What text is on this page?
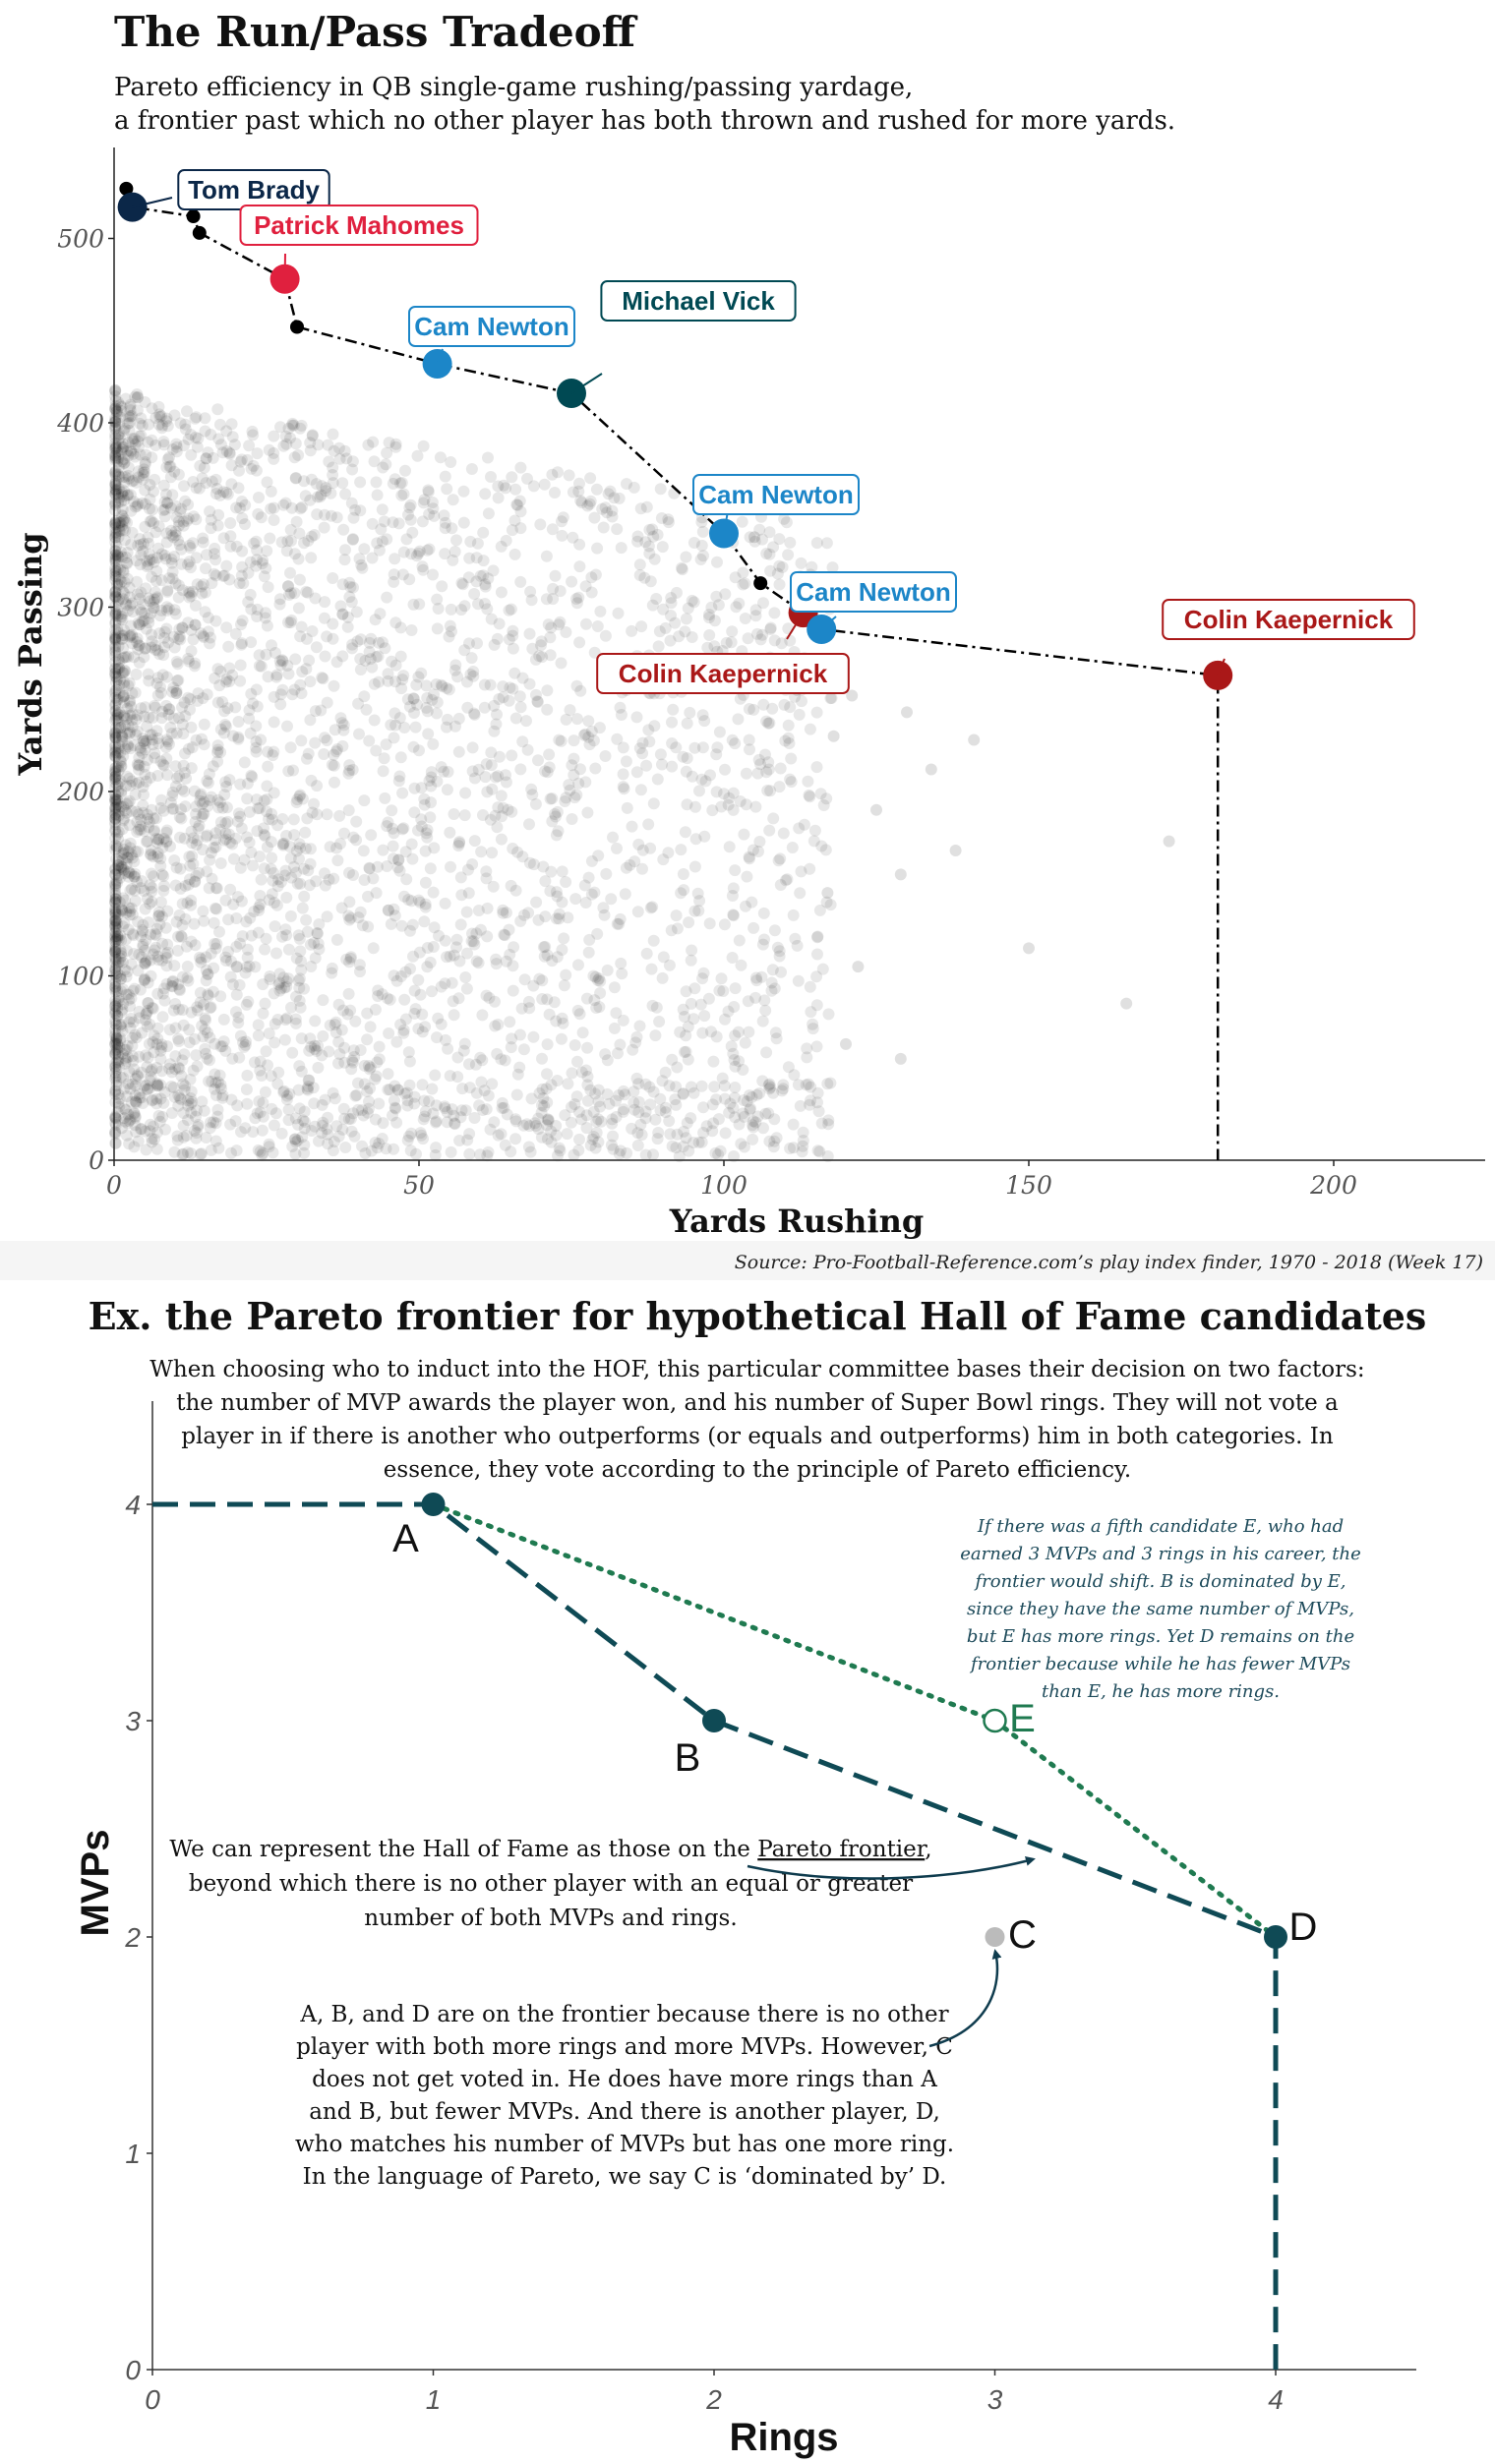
The Run/Pass Tradeoff
Pareto efficiency in QB single-game rushing/passing yardage,
a frontier past which no other player has both thrown and rushed for more yards.
0	50	100	150	200
0
100
200
300
400
500
Yards Rushing
Yards Passing
Source: Pro-Football-Reference.com’s play index finder, 1970 - 2018 (Week 17)
Tom Brady
Patrick Mahomes
Cam Newton
Michael Vick
Cam Newton
Colin Kaepernick
Cam Newton
Colin Kaepernick
Ex. the Pareto frontier for hypothetical Hall of Fame candidates
When choosing who to induct into the HOF, this particular committee bases their decision on two factors:
the number of MVP awards the player won, and his number of Super Bowl rings. They will not vote a
player in if there is another who outperforms (or equals and outperforms) him in both categories. In
essence, they vote according to the principle of Pareto efficiency.
0	1	2	3	4
0
1
2
3
4
Rings
MVPs
A
B
C	D
E
If there was a fifth candidate E, who had
earned 3 MVPs and 3 rings in his career, the
frontier would shift. B is dominated by E,
since they have the same number of MVPs,
but E has more rings. Yet D remains on the
frontier because while he has fewer MVPs
than E, he has more rings.
We can represent the Hall of Fame as those on the Pareto frontier,
beyond which there is no other player with an equal or greater
number of both MVPs and rings.
A, B, and D are on the frontier because there is no other
player with both more rings and more MVPs. However, C
does not get voted in. He does have more rings than A
and B, but fewer MVPs. And there is another player, D,
who matches his number of MVPs but has one more ring.
In the language of Pareto, we say C is ‘dominated by’ D.
